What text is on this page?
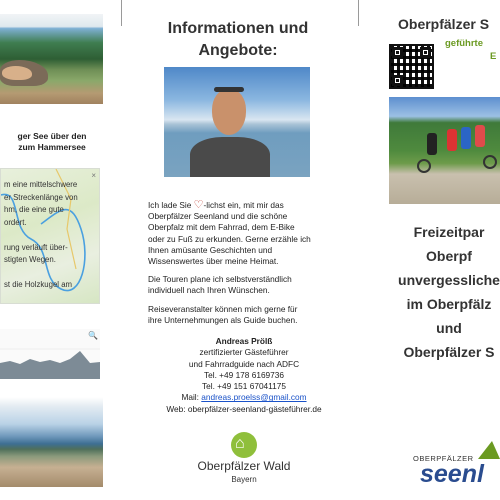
ger See über den
zum Hammersee
×
m eine mittelschwere
er Streckenlänge von
hm, die eine gute
ordert.

rung verläuft über-
stigten Wegen.

st die Holzkugel am
🔍
Informationen und
Angebote:

Ich lade Sie ♡-lichst ein, mit mir das
Oberpfälzer Seenland und die schöne
Oberpfalz mit dem Fahrrad, dem E-Bike
oder zu Fuß zu erkunden. Gerne erzähle ich
Ihnen amüsante Geschichten und
Wissenswertes über meine Heimat.

Die Touren plane ich selbstverständlich
individuell nach Ihren Wünschen.

Reiseveranstalter können mich gerne für
ihre Unternehmungen als Guide buchen.

Andreas Prölß
zertifizierter Gästeführer
und Fahrradguide nach ADFC
Tel. +49 178 6169736
Tel. +49 151 67041175
Mail: andreas.proelss@gmail.com
Web: oberpfälzer-seenland-gästeführer.de
⌂
Oberpfälzer Wald
Bayern
Oberpfälzer S
geführte
E
Freizeitpar
Oberpf
unvergessliche
im Oberpfälz
und
Oberpfälzer S
OBERPFÄLZER
seenl
